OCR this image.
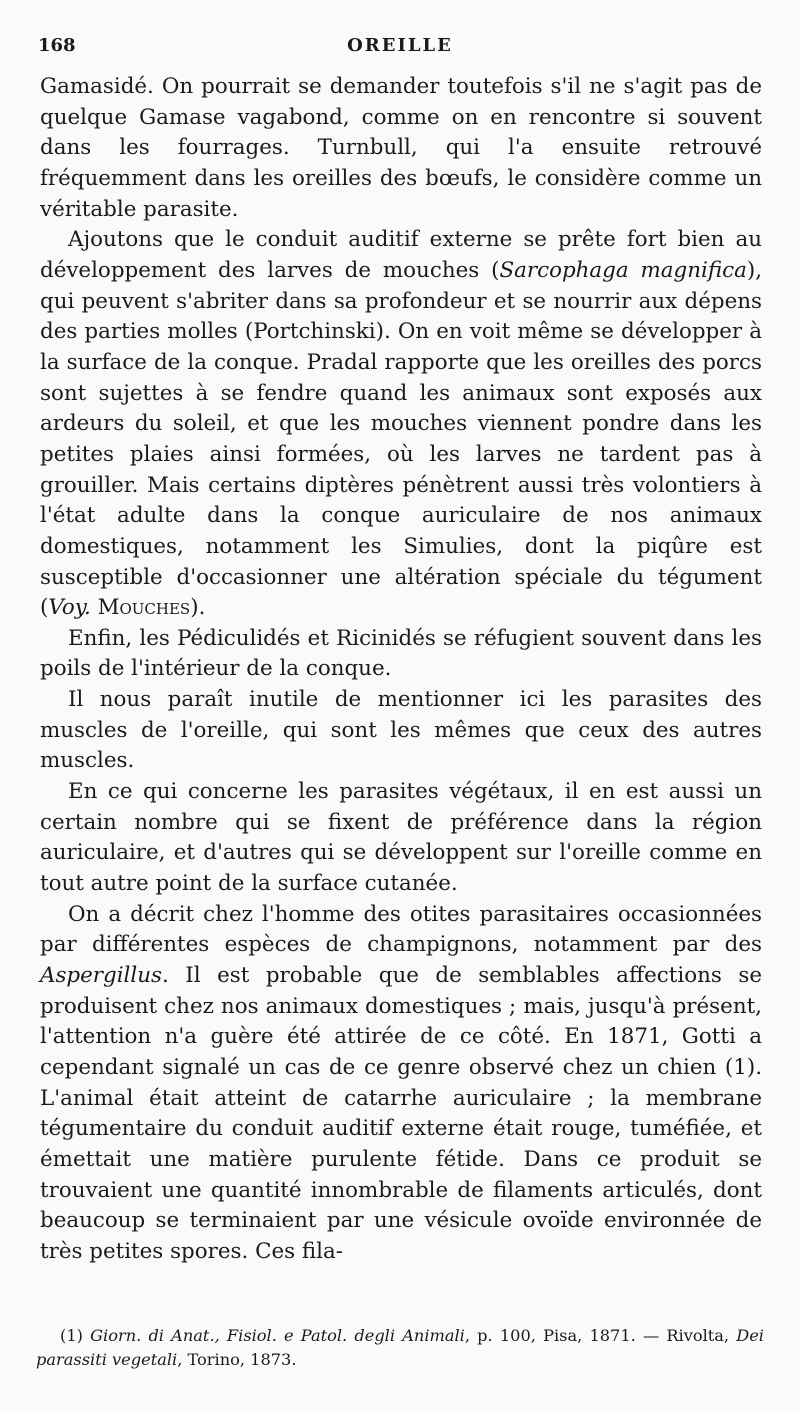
168	OREILLE

Gamasidé. On pourrait se demander toutefois s'il ne s'agit pas de quelque Gamase vagabond, comme on en rencontre si souvent dans les fourrages. Turnbull, qui l'a ensuite retrouvé fréquemment dans les oreilles des bœufs, le considère comme un véritable parasite.

Ajoutons que le conduit auditif externe se prête fort bien au développement des larves de mouches (Sarcophaga magnifica), qui peuvent s'abriter dans sa profondeur et se nourrir aux dépens des parties molles (Portchinski). On en voit même se développer à la surface de la conque. Pradal rapporte que les oreilles des porcs sont sujettes à se fendre quand les animaux sont exposés aux ardeurs du soleil, et que les mouches viennent pondre dans les petites plaies ainsi formées, où les larves ne tardent pas à grouiller. Mais certains diptères pénètrent aussi très volontiers à l'état adulte dans la conque auriculaire de nos animaux domestiques, notamment les Simulies, dont la piqûre est susceptible d'occasionner une altération spéciale du tégument (Voy. Mouches).

Enfin, les Pédiculidés et Ricinidés se réfugient souvent dans les poils de l'intérieur de la conque.

Il nous paraît inutile de mentionner ici les parasites des muscles de l'oreille, qui sont les mêmes que ceux des autres muscles.

En ce qui concerne les parasites végétaux, il en est aussi un certain nombre qui se fixent de préférence dans la région auriculaire, et d'autres qui se développent sur l'oreille comme en tout autre point de la surface cutanée.

On a décrit chez l'homme des otites parasitaires occasionnées par différentes espèces de champignons, notamment par des Aspergillus. Il est probable que de semblables affections se produisent chez nos animaux domestiques ; mais, jusqu'à présent, l'attention n'a guère été attirée de ce côté. En 1871, Gotti a cependant signalé un cas de ce genre observé chez un chien (1). L'animal était atteint de catarrhe auriculaire ; la membrane tégumentaire du conduit auditif externe était rouge, tuméfiée, et émettait une matière purulente fétide. Dans ce produit se trouvaient une quantité innombrable de filaments articulés, dont beaucoup se terminaient par une vésicule ovoïde environnée de très petites spores. Ces fila-

(1) Giorn. di Anat., Fisiol. e Patol. degli Animali, p. 100, Pisa, 1871. — Rivolta, Dei parassiti vegetali, Torino, 1873.
